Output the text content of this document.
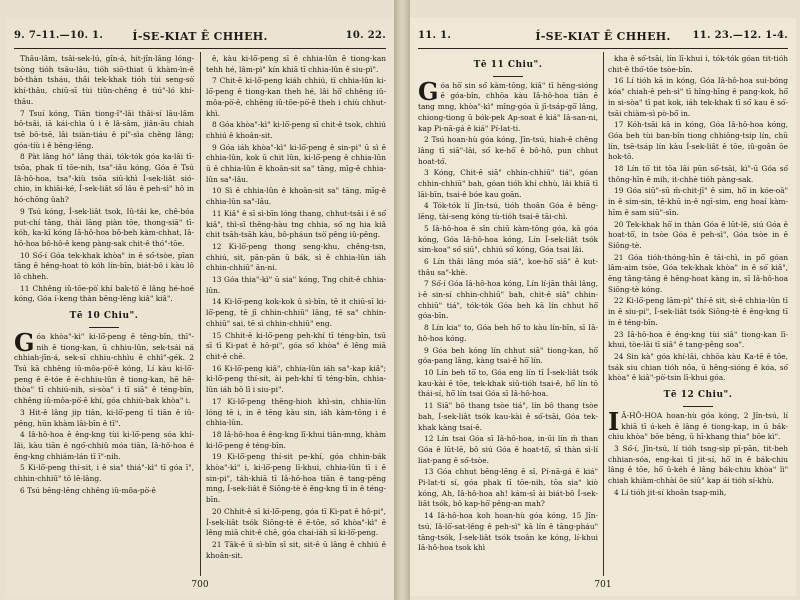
9. 7–11.—10. 1.	Í-SE-KIAT Ê CHHEH.	10. 22.

Thâu-lâm, tsâi-sek-lú, gîn-á, hit-jîn-lâng lóng-tsòng tióh tsâu-lâu, tióh siō-thiat ū khàm-ìn-ê bô-thàn tsháu, thâi tek-khak tióh tùi seng-sò͘ khí-thâu, chiū-sī tùi tiûn-chêng ê tiú"-ló khí-thâu.

7 Tsuí kóng, Tiān tiong-î"-lâi thâi-sí lâu-lâm bô-tsâi, iā kái-chìa ū i ê lâ-sâm, jiân-āu chiah tsē bô-tsē, lâi tsiàn-tiáu ê pí"-sìa chêng lâng; góa-tíù i ê bēng-lēng.

8 Pàt lâng hó" lâng thái, tók-tók góa ka-lâi tī-tsōa, phak tī tōe-nih, tsa"-iâu kóng, Góa ê Tsú Iâ-hô-hoa, tsa"-kiù tsōa siû-khì Í-sek-liât sió-chio, in khiāi-ké, Í-sek-liât số lâu ê peh-sì" hô in hó-chōng ûah?

9 Tsú kóng, Í-sek-liât tsok, Iû-tâi ke, chê-bóa put-chí tāng, thài lāng piàn tōe, thong-siā" tī-kóh, ka-kī kóng Iâ-hô-hoa bô-beh kàm-chhat, Iâ-hô-hoa bô-hô-ê keng pàng-sak chit-ê thó"-tōe.

10 Só͘-í Góa tek-khak khòa" in ê só͘-tsòe, pīan tāng ê hêng-hoat tò kóh lín-bīn, biát-bô i kàu lô lô chheh.

11 Chhêng iû-tōe-pò͘ khí bak-tò͘ ê lâng hé-hoé kóng, Góa í-keng thàn bēng-lēng kiâ" kiâ".

Tē 10 Chiu".

Góa khòa"-kì" ki-lō͘-peng ê tēng-bīn, thī"-nih ê tiong-kan, ū chhiu-lûn, sek-tsái ná chhiah-jīn-á, sek-sī chhiu-chhìu ê chhì"-gék. 2 Tsú kā chhêng iû-môa-pò͘-ê kóng, Lí kàu ki-lō͘-peng ê ē-tóe ê ē-chhiu-lûn ê tiong-kan, hē hê-thòa" tī chhiú-nih, si-sòa" i tī siā" ê téng-bīn, chhêng iû-môa-pò͘-ê khí, góa chhiù-bak khòa" i.

3 Hit-ê lâng jip tiān, ki-lō͘-peng tī tiān ê iû-pêng, hūn khàm lâi-bīn ê tī".

4 Iâ-hô-hoa ê êng-kng tùi ki-lō͘-peng sóa khí-lâi, kàu tiān ê ngó͘-chhiû móa tiān, Iâ-hô-hoa ê êng-kng chhiám-lán tī î"-nih.

5 Ki-lō͘-peng thí-sit, i ê sia" thiá"-kì" tī góa ī", chhin-chhiū" tô lē-lâng.

6 Tsú bēng-lēng chhêng iû-môa-pò͘-ê

ê, kàu ki-lō͘-peng sī ê chhia-lûn ê tiong-kan tehh hé, lâm-pì" kín khiā tī chhia-lûn ê siu-pì".

7 Chit-ê ki-lō͘-peng kiáh chhiú, tī chhia-lûn ki-lō͘-peng ê tiong-kan theh hé, lâi hō͘ chhêng iû-môa-pò͘-ê, chhêng iû-tōe-pò͘-ê theh i chiù chhut-khì.

8 Góa khòa"-kì" ki-lō͘-peng sī chit-ê tsok, chhiú chhiú ê khoân-sit.

9 Góa iáh khòa"-kì" ki-lō͘-peng ê sin-pi" ū sì ê chhia-lûn, kok ū chit lûn, ki-lō͘-peng ê chhia-lûn ū ê chhia-lûn ê khoân-sit sa" tāng, mīg-ê chhia-lûn sa"-lâu.

10 Sì ê chhia-lûn ê khoân-sit sa" tāng, mīg-ê chhia-lûn sa"-lâu.

11 Kiâ" ê sī sì-bīn lóng thang, chhut-tsāi i ê só͘ kiâ", thì-sī thêng-hàu tng chhia, só͘ ng hia kiâ chit tsāh-tsāh kàu, bô-pháun tsò͘ pêng iû-pêng.

12 Ki-lō͘-peng thong seng-khu, chêng-tsn, chhiú, sit, pān-pān ū bák, sì ê chhia-lûn iáh chhin-chhiū" ân-ni.

13 Góa thia"-kì" ū sia" kóng, Tng chit-ê chhia-lûn.

14 Ki-lō͘-peng kok-kok ū sì-bīn, tē it chiū-sī ki-lō͘-peng, tē jī chhin-chhiū" lâng, tē sa" chhin-chhiū" sai, tē sì chhin-chhiū" eng.

15 Chhit-ê ki-lō͘-peng peh-khí tī téng-bīn, tsū sī tī Ki-pat ê hô-pi", góa só͘ khòa" ê lêng miā chit-ê chē.

16 Ki-lō͘-peng kiâ", chhia-lûn iáh sa"-kap kiâ"; ki-lō͘-peng thí-sit, ài peh-khí tī téng-bīn, chhia-lûn iáh bô lī i siu-pi".

17 Ki-lō͘-peng thêng-hioh khì-sin, chhia-lûn lóng tē i, in ê tēng kàu sin, iáh kàm-tōng i ê chhia-lûn.

18 Iâ-hô-hoa ê êng-kng lī-khui tiān-mng, khàm ki-lō͘-peng ê téng-bīn.

19 Ki-lō͘-peng thí-sit pe-khí, góa chhin-bák khòa"-kì" i, ki-lō͘-peng lī-khui, chhia-lûn tī i ê sin-pi", táh-khiā tī Iâ-hô-hoa tiān ê tang-pêng mng, Í-sek-liât ê Siōng-tè ê êng-kng tī in ê téng-bīn.

20 Chhit-ê sī ki-lō͘-peng, góa tī Ki-pat ê hô-pi", Í-sek-liât tsók Siōng-tè ê ē-tōe, só͘ khòa"-kì" ê lêng miā chit-ê chē, góa chai-iáh sī ki-lō͘-peng.

21 Tāk-ê ū sì-bīn sī sit, sit-ê ū lâng ê chhiú ê khoân-sit.

700
11. 1.	Í-SE-KIAT Ê CHHEH.	11. 23.—12. 1-4.
Tē 11 Chiu".

Góa hō͘ sin só͘ kàm-tōng, kiâ" tī hêng-sióng ê góa-bîn, chhōa kàu Iâ-hô-hoa tiān ê tang mng, khòa"-kì" mîng-góa ū jī-tsáp-gō͘ lâng, chiong-tiong ū bók-pek Ap-soat ê kiá" Iâ-san-ni, kap Pi-nā-gá ê kiá" Pí-lat-ti.

2 Tsú hoan-hù góa kóng, Jîn-tsú, hiah-ê chêng lâng tī siā"-lâi, só͘ ke-hō͘ ê bô-hô, pun chhut hoat-tó͘.

3 Kóng, Chit-ê siā" chhin-chhiū" tiá", góan chhin-chhiū" bah, góan tióh khí chhù, lâi khiā tī lāi-bīn, tsai-ê bóe kau goān.

4 Tók-tók lí Jîn-tsú, tióh thoân Góa ê bēng-lēng, tài-seng kóng tù-tióh tsai-ê tāi-chì.

5 Iâ-hô-hoa ê sîn chiū kàm-tōng góa, kā góa kóng, Góa Iâ-hô-hoa kóng, Lín Í-sek-liât tsók sim-koa" só͘ siū", chhiú só͘ kóng, Góa tsai lâi.

6 Lín thâi lâng móa siā", koe-hō͘ siā" ê kut-thâu sa"-khè.

7 Só͘-í Góa Iâ-hô-hoa kóng, Lín lí-jān thâi lâng, i-ê sin-sí chhin-chhiū" bah, chit-ê siā" chhin-chhiū" tiá", tók-tók Góa beh kā lín chhut hō͘ góa-bīn.

8 Lín kia" to, Góa beh hō͘ to kàu lín-bīn, sī Iâ-hô-hoa kóng.

9 Góa beh kóng lín chhut siā" tiong-kan, hō͘ góa-pang lâng, kàng tsai-ê hō͘ lín.

10 Lín beh tō͘ to, Góa eng lín tī Í-sek-liât tsók kau-kài ê tōe, tek-khak siū-tióh tsai-ê, hō͘ lín tō thái-sí, hō͘ lín tsai Góa sī Iâ-hô-hoa.

11 Siā" bô thang tsòe tiá", lín bô thang tsòe bah, Í-sek-liât tsók kau-kài ê só͘-tsāi, Góa tek-khak kàng tsai-ê.

12 Lín tsai Góa sī Iâ-hô-hoa, in-ūi lín m̄ than Góa ê lūt-lē, bô siú Góa ê hoat-tō͘, sī thàn sì-lí liat-pang ê só͘-tsòe.

13 Góa chhut bēng-lēng ê sî, Pí-nā-gá ê kiá" Pi-lat-ti sí, góa phak tī tōe-nih, tōa sia" kiò kóng, Ah, Iâ-hô-hoa ah! kám-sī ài biát-bô Í-sek-liât tsók, bô kap-hō͘ pêng-an mah?

14 Iâ-hô-hoa koh hoan-hù góa kóng, 15 Jîn-tsú, Iâ-lō͘-sat-lêng ê peh-sì" kā lín ê tāng-pháu" tāng-tsók, Í-sek-liât tsók tsoân ke kóng, lí-khui Iâ-hô-hoa tsok khì

kha ê só͘-tsāi, lín lī-khui i, tók-tók góan tit-tióh chit-ê thó͘-tōe tsòe-bīn.

16 Lí tióh kā in kóng, Góa Iâ-hô-hoa sui-bóng kóa" chiah-ê peh-sì" tī hîng-hīng ê pang-kok, hō͘ in si-sòa" tī pat kok, iáh tek-khak tī só͘ kau ê só͘-tsāi chiàm-sì pò-bō͘ in.

17 Kóh-tsāi kā in kóng, Góa Iâ-hô-hoa kóng, Góa beh tùi ban-bîn tiong chhiōng-tsip lín, chū lín, tsē-tsáp lín kàu Í-sek-liât ê tōe, iû-goân ōe hok-tō.

18 Lín tō͘ tit tōa lâi pūn só͘-tsāi, kì"-ū Góa só͘ thông-hīn ê mih, it-chhè tióh pàng-sak.

19 Góa siū"-sū m̄-chit-jī" ê sim, hō͘ in kóe-oā" in ê sim-sin, tē-khū in-ê ngī-sim, eng hoaí kàm-hīm ê sam siū"-sīn.

20 Tek-khak hō͘ in thàn Góa ê lūt-lē, siú Góa ê hoat-tō͘, in tsòe Góa ê peh-sì", Góa tsòe in ê Siōng-tè.

21 Góa tióh-thóng-hīn ê tāi-chì, in pō͘ góan lâm-aim tsòe, Góa tek-khak khòa" in ê só͘ kiâ", ēng tāng-tāng ê hêng-hoat kàng in, sī Iâ-hô-hoa Siōng-tè kóng.

22 Ki-lō͘-peng lām-pì" thí-ê sit, sì-ê chhia-lûn tī in ê siu-pi", Í-sek-liât tsók Siōng-tè ê êng-kng tī in ê téng-bīn.

23 Iâ-hô-hoa ê êng-kng tùi siâ" tiong-kan lī-khui, tòe-lāi tī siâ" ê tang-pêng soa".

24 Sin kà" góa khí-lâi, chhōa kàu Ka-tē ê tōe, tsák siu chian tióh nōa, ū hêng-sióng ê kóa, só͘ khòa" ê kiâ"-pò͘-tsin lī-khui góa.

Tē 12 Chiu".

I Â-HÔ-HOA hoan-hù góa kóng, 2 Jîn-tsú, lí khiā tī ú-keh ê lâng ê tiong-kap, in ū bák-chiu khòa" bōe bêng, ū hī-khang thia" bōe kì".

3 Só͘-í, Jîn-tsú, lí tióh tsng-sip pī-pān, tit-beh chhian-sóa, eng-kai tī jit-sí, hō͘ in ê bák-chiu lâng ê tōe, hō͘ ū-kéh ê lâng bák-chiu khòa" lì" chiah khiàm-chhài ōe siû" kap ái tióh sí-khù.

4 Lí tióh jit-sí khoân tsap-mih,

701
